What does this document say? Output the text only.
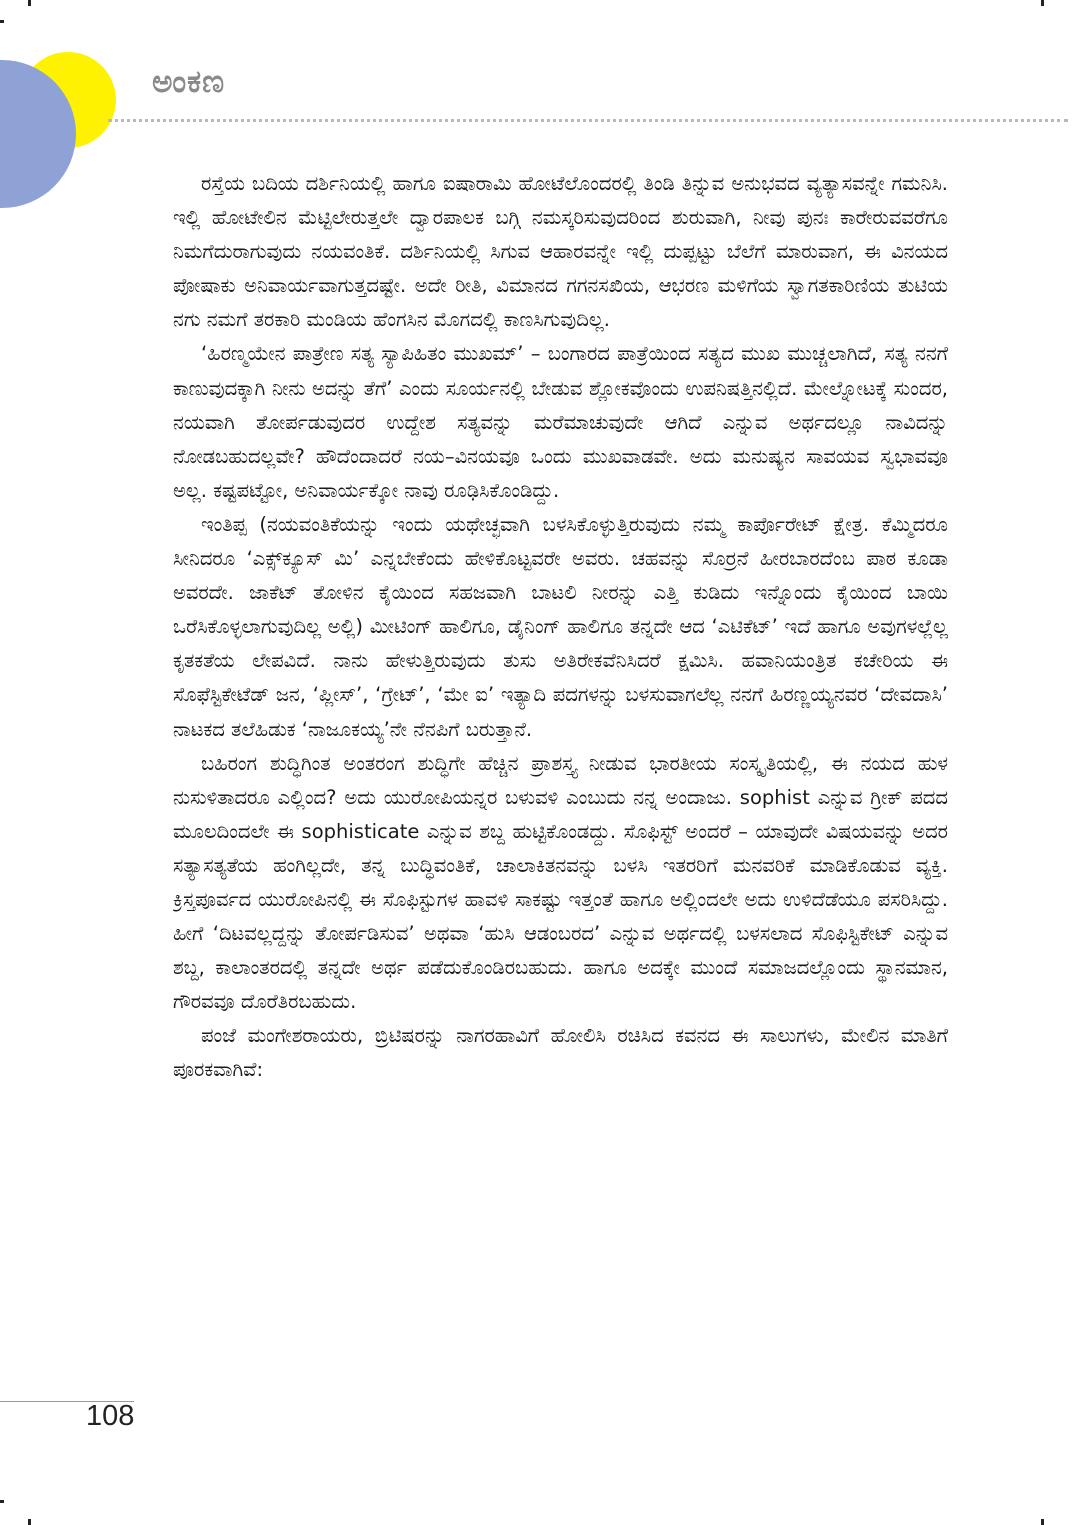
ಅಂಕಣ

ರಸ್ತೆಯ ಬದಿಯ ದರ್ಶಿನಿಯಲ್ಲಿ ಹಾಗೂ ಐಷಾರಾಮಿ ಹೋಟೆಲೊಂದರಲ್ಲಿ ತಿಂಡಿ ತಿನ್ನುವ ಅನುಭವದ ವ್ಯತ್ಯಾಸವನ್ನೇ ಗಮನಿಸಿ. ಇಲ್ಲಿ ಹೋಟೇಲಿನ ಮೆಟ್ಟಿಲೇರುತ್ತಲೇ ದ್ವಾರಪಾಲಕ ಬಗ್ಗಿ ನಮಸ್ಕರಿಸುವುದರಿಂದ ಶುರುವಾಗಿ, ನೀವು ಪುನಃ ಕಾರೇರುವವರೆಗೂ ನಿಮಗೆದುರಾಗುವುದು ನಯವಂತಿಕೆ. ದರ್ಶಿನಿಯಲ್ಲಿ ಸಿಗುವ ಆಹಾರವನ್ನೇ ಇಲ್ಲಿ ದುಪ್ಪಟ್ಟು ಬೆಲೆಗೆ ಮಾರುವಾಗ, ಈ ವಿನಯದ ಪೋಷಾಕು ಅನಿವಾರ್ಯವಾಗುತ್ತದಷ್ಟೇ. ಅದೇ ರೀತಿ, ವಿಮಾನದ ಗಗನಸಖಿಯ, ಆಭರಣ ಮಳಿಗೆಯ ಸ್ವಾಗತಕಾರಿಣಿಯ ತುಟಿಯ ನಗು ನಮಗೆ ತರಕಾರಿ ಮಂಡಿಯ ಹೆಂಗಸಿನ ಮೊಗದಲ್ಲಿ ಕಾಣಸಿಗುವುದಿಲ್ಲ.

‘ಹಿರಣ್ಮಯೇನ ಪಾತ್ರೇಣ ಸತ್ಯ ಸ್ಯಾಪಿಹಿತಂ ಮುಖಮ್’ – ಬಂಗಾರದ ಪಾತ್ರೆಯಿಂದ ಸತ್ಯದ ಮುಖ ಮುಚ್ಚಲಾಗಿದೆ, ಸತ್ಯ ನನಗೆ ಕಾಣುವುದಕ್ಕಾಗಿ ನೀನು ಅದನ್ನು ತೆಗೆ’ ಎಂದು ಸೂರ್ಯನಲ್ಲಿ ಬೇಡುವ ಶ್ಲೋಕವೊಂದು ಉಪನಿಷತ್ತಿನಲ್ಲಿದೆ. ಮೇಲ್ನೋಟಕ್ಕೆ ಸುಂದರ, ನಯವಾಗಿ ತೋರ್ಪಡುವುದರ ಉದ್ದೇಶ ಸತ್ಯವನ್ನು ಮರೆಮಾಚುವುದೇ ಆಗಿದೆ ಎನ್ನುವ ಅರ್ಥದಲ್ಲೂ ನಾವಿದನ್ನು ನೋಡಬಹುದಲ್ಲವೇ? ಹೌದೆಂದಾದರೆ ನಯ–ವಿನಯವೂ ಒಂದು ಮುಖವಾಡವೇ. ಅದು ಮನುಷ್ಯನ ಸಾವಯವ ಸ್ವಭಾವವೂ ಅಲ್ಲ. ಕಷ್ಟಪಟ್ಟೋ, ಅನಿವಾರ್ಯಕ್ಕೋ ನಾವು ರೂಢಿಸಿಕೊಂಡಿದ್ದು.

ಇಂತಿಪ್ಪ (ನಯವಂತಿಕೆಯನ್ನು ಇಂದು ಯಥೇಚ್ಛವಾಗಿ ಬಳಸಿಕೊಳ್ಳುತ್ತಿರುವುದು ನಮ್ಮ ಕಾರ್ಪೊರೇಟ್ ಕ್ಷೇತ್ರ. ಕೆಮ್ಮಿದರೂ ಸೀನಿದರೂ ‘ಎಕ್ಸ್‌ಕ್ಯೂಸ್ ಮಿ’ ಎನ್ನಬೇಕೆಂದು ಹೇಳಿಕೊಟ್ಟವರೇ ಅವರು. ಚಹವನ್ನು ಸೊರ್ರನೆ ಹೀರಬಾರದೆಂಬ ಪಾಠ ಕೂಡಾ ಅವರದೇ. ಜಾಕೆಟ್ ತೋಳಿನ ಕೈಯಿಂದ ಸಹಜವಾಗಿ ಬಾಟಲಿ ನೀರನ್ನು ಎತ್ತಿ ಕುಡಿದು ಇನ್ನೊಂದು ಕೈಯಿಂದ ಬಾಯಿ ಒರೆಸಿಕೊಳ್ಳಲಾಗುವುದಿಲ್ಲ ಅಲ್ಲಿ) ಮೀಟಿಂಗ್ ಹಾಲಿಗೂ, ಡೈನಿಂಗ್ ಹಾಲಿಗೂ ತನ್ನದೇ ಆದ ‘ಎಟಿಕೆಟ್’ ಇದೆ ಹಾಗೂ ಅವುಗಳಲ್ಲೆಲ್ಲ ಕೃತಕತೆಯ ಲೇಪವಿದೆ. ನಾನು ಹೇಳುತ್ತಿರುವುದು ತುಸು ಅತಿರೇಕವೆನಿಸಿದರೆ ಕ್ಷಮಿಸಿ. ಹವಾನಿಯಂತ್ರಿತ ಕಚೇರಿಯ ಈ ಸೊಫೆಸ್ಟಿಕೇಟೆಡ್ ಜನ, ‘ಪ್ಲೀಸ್’, ‘ಗ್ರೇಟ್’, ‘ಮೇ ಐ’ ಇತ್ಯಾದಿ ಪದಗಳನ್ನು ಬಳಸುವಾಗಲೆಲ್ಲ ನನಗೆ ಹಿರಣ್ಣಯ್ಯನವರ ‘ದೇವದಾಸಿ’ ನಾಟಕದ ತಲೆಹಿಡುಕ ‘ನಾಜೂಕಯ್ಯ’ನೇ ನೆನಪಿಗೆ ಬರುತ್ತಾನೆ.

ಬಹಿರಂಗ ಶುದ್ಧಿಗಿಂತ ಅಂತರಂಗ ಶುದ್ಧಿಗೇ ಹೆಚ್ಚಿನ ಪ್ರಾಶಸ್ತ್ಯ ನೀಡುವ ಭಾರತೀಯ ಸಂಸ್ಕೃತಿಯಲ್ಲಿ, ಈ ನಯದ ಹುಳ ನುಸುಳಿತಾದರೂ ಎಲ್ಲಿಂದ? ಅದು ಯುರೋಪಿಯನ್ನರ ಬಳುವಳಿ ಎಂಬುದು ನನ್ನ ಅಂದಾಜು. sophist ಎನ್ನುವ ಗ್ರೀಕ್ ಪದದ ಮೂಲದಿಂದಲೇ ಈ sophisticate ಎನ್ನುವ ಶಬ್ದ ಹುಟ್ಟಿಕೊಂಡದ್ದು. ಸೊಫಿಸ್ಟ್ ಅಂದರೆ – ಯಾವುದೇ ವಿಷಯವನ್ನು ಅದರ ಸತ್ಯಾಸತ್ಯತೆಯ ಹಂಗಿಲ್ಲದೇ, ತನ್ನ ಬುದ್ಧಿವಂತಿಕೆ, ಚಾಲಾಕಿತನವನ್ನು ಬಳಸಿ ಇತರರಿಗೆ ಮನವರಿಕೆ ಮಾಡಿಕೊಡುವ ವ್ಯಕ್ತಿ. ಕ್ರಿಸ್ತಪೂರ್ವದ ಯುರೋಪಿನಲ್ಲಿ ಈ ಸೊಫಿಸ್ಟುಗಳ ಹಾವಳಿ ಸಾಕಷ್ಟು ಇತ್ತಂತೆ ಹಾಗೂ ಅಲ್ಲಿಂದಲೇ ಅದು ಉಳಿದೆಡೆಯೂ ಪಸರಿಸಿದ್ದು. ಹೀಗೆ ‘ದಿಟವಲ್ಲದ್ದನ್ನು ತೋರ್ಪಡಿಸುವ’ ಅಥವಾ ‘ಹುಸಿ ಆಡಂಬರದ’ ಎನ್ನುವ ಅರ್ಥದಲ್ಲಿ ಬಳಸಲಾದ ಸೊಫಿಸ್ಟಿಕೇಟ್ ಎನ್ನುವ ಶಬ್ದ, ಕಾಲಾಂತರದಲ್ಲಿ ತನ್ನದೇ ಅರ್ಥ ಪಡೆದುಕೊಂಡಿರಬಹುದು. ಹಾಗೂ ಅದಕ್ಕೇ ಮುಂದೆ ಸಮಾಜದಲ್ಲೊಂದು ಸ್ಥಾನಮಾನ, ಗೌರವವೂ ದೊರೆತಿರಬಹುದು.

ಪಂಜೆ ಮಂಗೇಶರಾಯರು, ಬ್ರಿಟಿಷರನ್ನು ನಾಗರಹಾವಿಗೆ ಹೋಲಿಸಿ ರಚಿಸಿದ ಕವನದ ಈ ಸಾಲುಗಳು, ಮೇಲಿನ ಮಾತಿಗೆ ಪೂರಕವಾಗಿವೆ:

108
